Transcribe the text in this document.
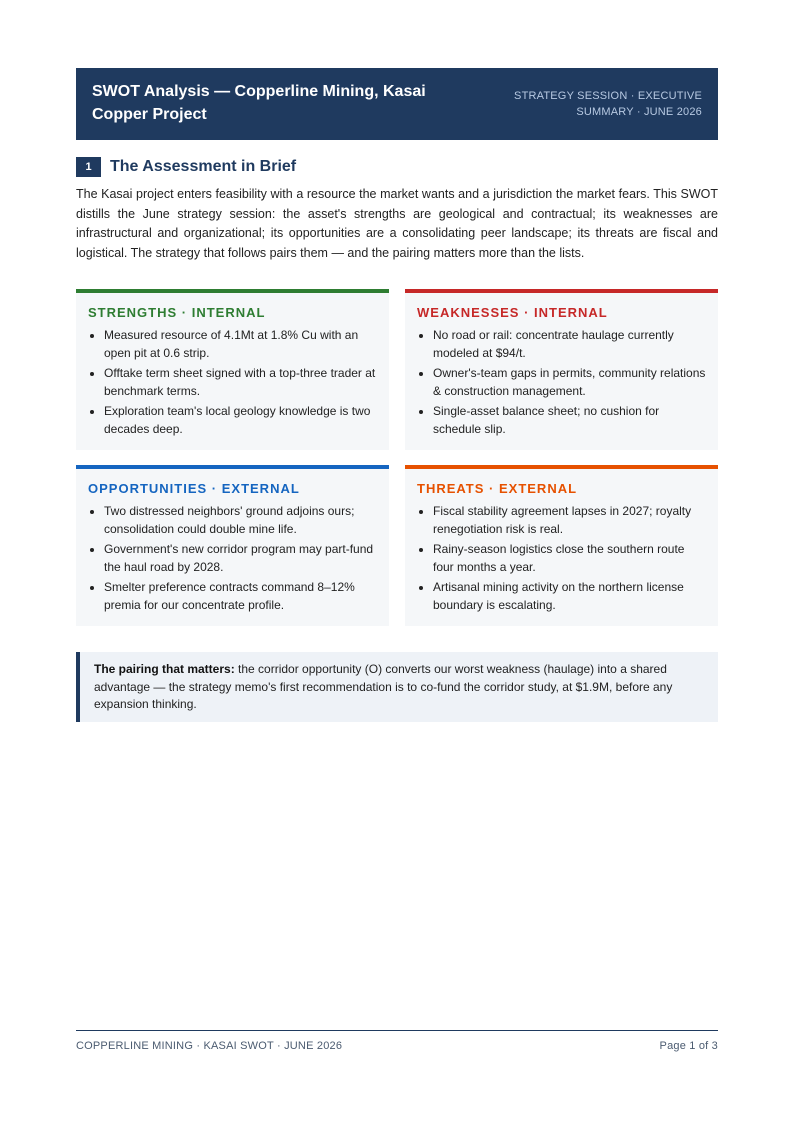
SWOT Analysis — Copperline Mining, Kasai Copper Project
STRATEGY SESSION · EXECUTIVE
SUMMARY · JUNE 2026
1	The Assessment in Brief

The Kasai project enters feasibility with a resource the market wants and a jurisdiction the market fears. This SWOT distills the June strategy session: the asset's strengths are geological and contractual; its weaknesses are infrastructural and organizational; its opportunities are a consolidating peer landscape; its threats are fiscal and logistical. The strategy that follows pairs them — and the pairing matters more than the lists.

STRENGTHS · INTERNAL
• Measured resource of 4.1Mt at 1.8% Cu with an open pit at 0.6 strip.
• Offtake term sheet signed with a top-three trader at benchmark terms.
• Exploration team's local geology knowledge is two decades deep.
WEAKNESSES · INTERNAL
• No road or rail: concentrate haulage currently modeled at $94/t.
• Owner's-team gaps in permits, community relations & construction management.
• Single-asset balance sheet; no cushion for schedule slip.
OPPORTUNITIES · EXTERNAL
• Two distressed neighbors' ground adjoins ours; consolidation could double mine life.
• Government's new corridor program may part-fund the haul road by 2028.
• Smelter preference contracts command 8–12% premia for our concentrate profile.
THREATS · EXTERNAL
• Fiscal stability agreement lapses in 2027; royalty renegotiation risk is real.
• Rainy-season logistics close the southern route four months a year.
• Artisanal mining activity on the northern license boundary is escalating.
The pairing that matters: the corridor opportunity (O) converts our worst weakness (haulage) into a shared advantage — the strategy memo's first recommendation is to co-fund the corridor study, at $1.9M, before any expansion thinking.
COPPERLINE MINING · KASAI SWOT · JUNE 2026	Page 1 of 3
